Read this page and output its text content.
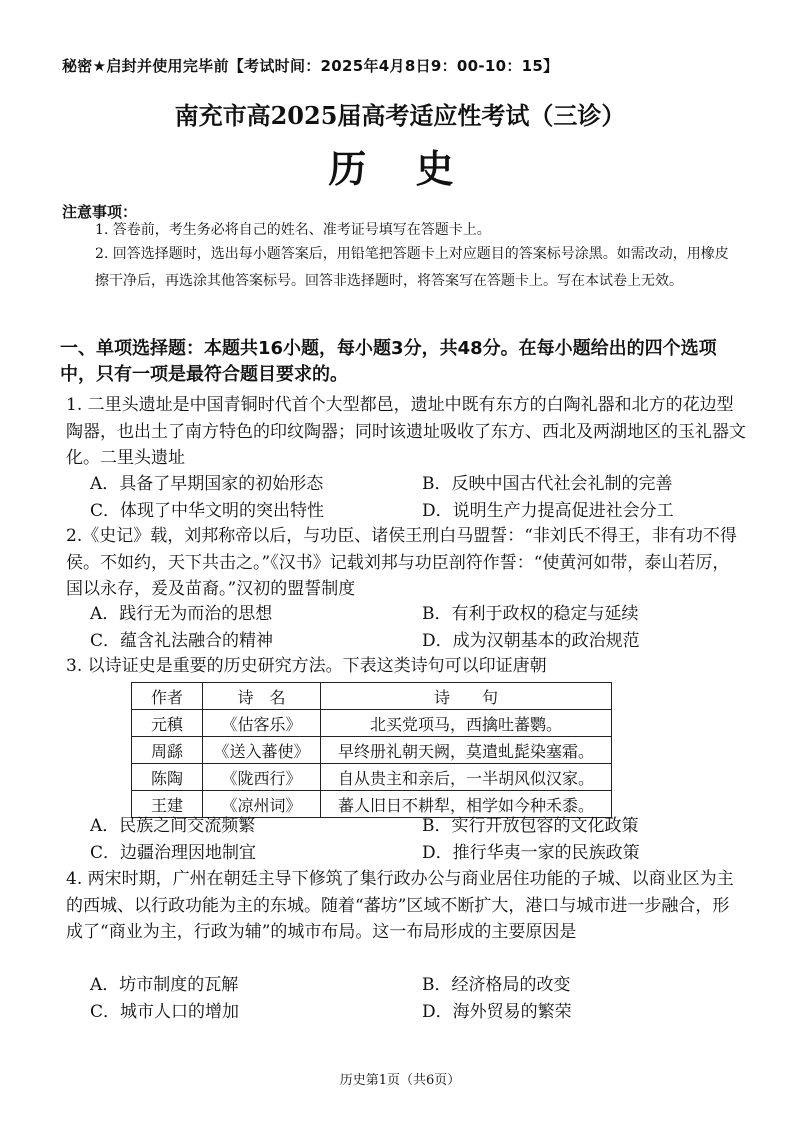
秘密★启封并使用完毕前【考试时间：2025年4月8日9：00-10：15】
南充市高2025届高考适应性考试（三诊）
历 史
注意事项：
1. 答卷前，考生务必将自己的姓名、准考证号填写在答题卡上。
2. 回答选择题时，选出每小题答案后，用铅笔把答题卡上对应题目的答案标号涂黑。如需改动，用橡皮擦干净后，再选涂其他答案标号。回答非选择题时，将答案写在答题卡上。写在本试卷上无效。
一、单项选择题：本题共16小题，每小题3分，共48分。在每小题给出的四个选项中，只有一项是最符合题目要求的。
1. 二里头遗址是中国青铜时代首个大型都邑，遗址中既有东方的白陶礼器和北方的花边型陶器，也出土了南方特色的印纹陶器；同时该遗址吸收了东方、西北及两湖地区的玉礼器文化。二里头遗址
A．具备了早期国家的初始形态	B．反映中国古代社会礼制的完善
C．体现了中华文明的突出特性	D．说明生产力提高促进社会分工
2.《史记》载，刘邦称帝以后，与功臣、诸侯王刑白马盟誓：“非刘氏不得王，非有功不得侯。不如约，天下共击之。”《汉书》记载刘邦与功臣剖符作誓：“使黄河如带，泰山若厉，国以永存，爰及苗裔。”汉初的盟誓制度
A．践行无为而治的思想	B．有利于政权的稳定与延续
C．蕴含礼法融合的精神	D．成为汉朝基本的政治规范
3. 以诗证史是重要的历史研究方法。下表这类诗句可以印证唐朝
作者	诗　名	诗　　句
元稹	《估客乐》	北买党项马，西擒吐蕃鹦。
周繇	《送入蕃使》	早终册礼朝天阙，莫遣虬髭染塞霜。
陈陶	《陇西行》	自从贵主和亲后，一半胡风似汉家。
王建	《凉州词》	蕃人旧日不耕犁，相学如今种禾黍。
A．民族之间交流频繁	B．实行开放包容的文化政策
C．边疆治理因地制宜	D．推行华夷一家的民族政策
4. 两宋时期，广州在朝廷主导下修筑了集行政办公与商业居住功能的子城、以商业区为主的西城、以行政功能为主的东城。随着“蕃坊”区域不断扩大，港口与城市进一步融合，形成了“商业为主，行政为辅”的城市布局。这一布局形成的主要原因是
A．坊市制度的瓦解	B．经济格局的改变
C．城市人口的增加	D．海外贸易的繁荣
历史第1页（共6页）
